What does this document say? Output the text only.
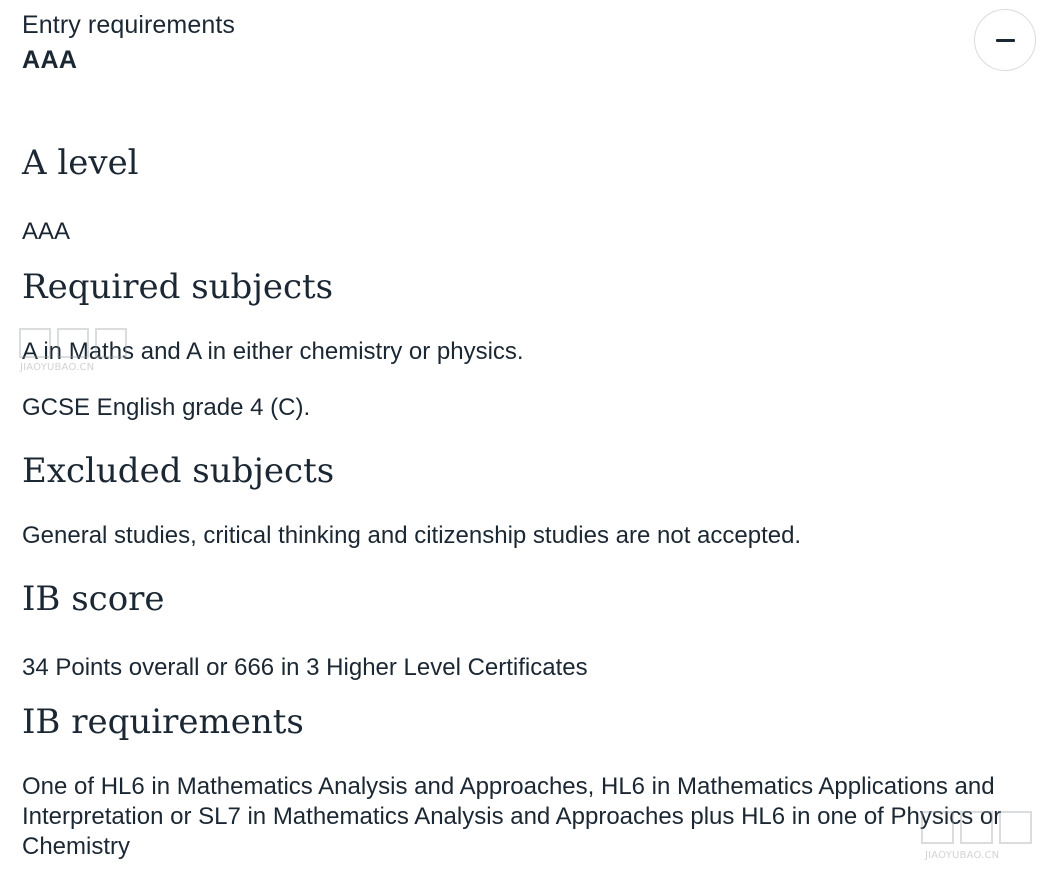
Entry requirements
AAA
A level

AAA

Required subjects

A in Maths and A in either chemistry or physics.

GCSE English grade 4 (C).

Excluded subjects

General studies, critical thinking and citizenship studies are not accepted.

IB score

34 Points overall or 666 in 3 Higher Level Certificates

IB requirements

One of HL6 in Mathematics Analysis and Approaches, HL6 in Mathematics Applications and Interpretation or SL7 in Mathematics Analysis and Approaches plus HL6 in one of Physics or Chemistry

JIAOYUBAO.CN
JIAOYUBAO.CN
